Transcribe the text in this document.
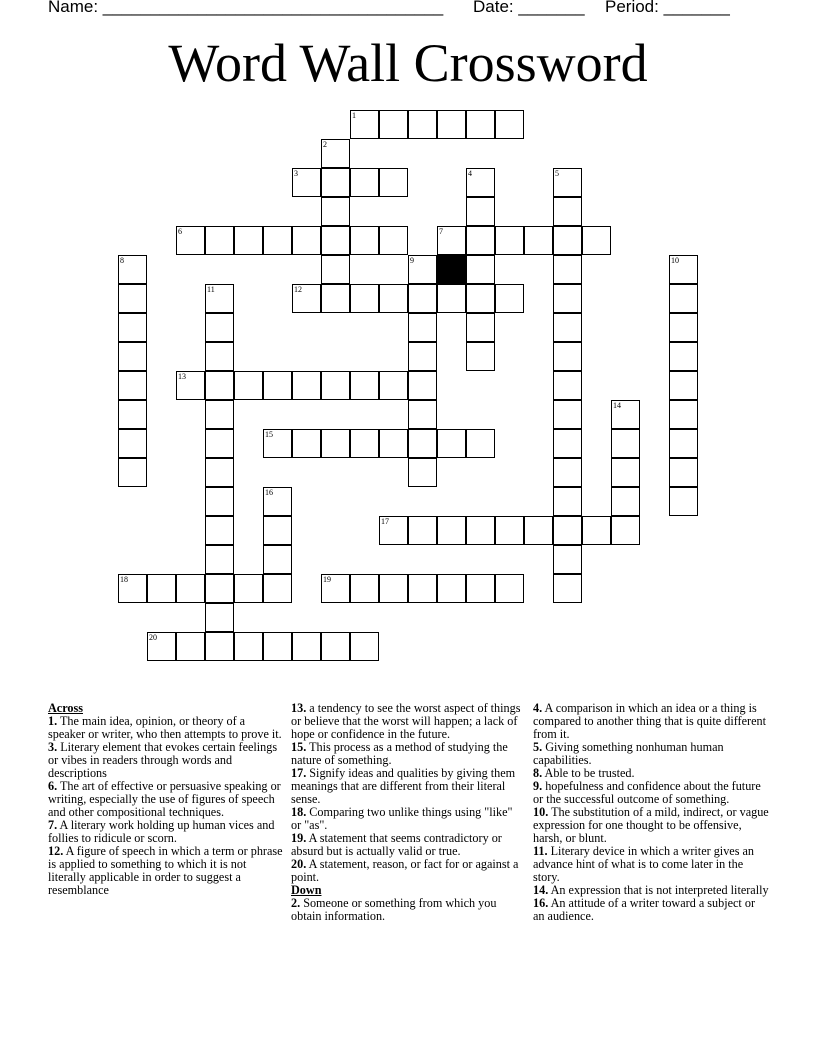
Name: ____________________________________ Date: _______ Period: _______
Word Wall Crossword
1
2
3	4	5
6	7
8	9	10
11	12
13
14
15
16
17
18	19
20
Across
1. The main idea, opinion, or theory of a speaker or writer, who then attempts to prove it.
3. Literary element that evokes certain feelings or vibes in readers through words and descriptions
6. The art of effective or persuasive speaking or writing, especially the use of figures of speech and other compositional techniques.
7. A literary work holding up human vices and follies to ridicule or scorn.
12. A figure of speech in which a term or phrase is applied to something to which it is not literally applicable in order to suggest a resemblance
13. a tendency to see the worst aspect of things or believe that the worst will happen; a lack of hope or confidence in the future.
15. This process as a method of studying the nature of something.
17. Signify ideas and qualities by giving them meanings that are different from their literal sense.
18. Comparing two unlike things using "like" or "as".
19. A statement that seems contradictory or absurd but is actually valid or true.
20. A statement, reason, or fact for or against a point.
Down
2. Someone or something from which you obtain information.
4. A comparison in which an idea or a thing is compared to another thing that is quite different from it.
5. Giving something nonhuman human capabilities.
8. Able to be trusted.
9. hopefulness and confidence about the future or the successful outcome of something.
10. The substitution of a mild, indirect, or vague expression for one thought to be offensive, harsh, or blunt.
11. Literary device in which a writer gives an advance hint of what is to come later in the story.
14. An expression that is not interpreted literally
16. An attitude of a writer toward a subject or an audience.
